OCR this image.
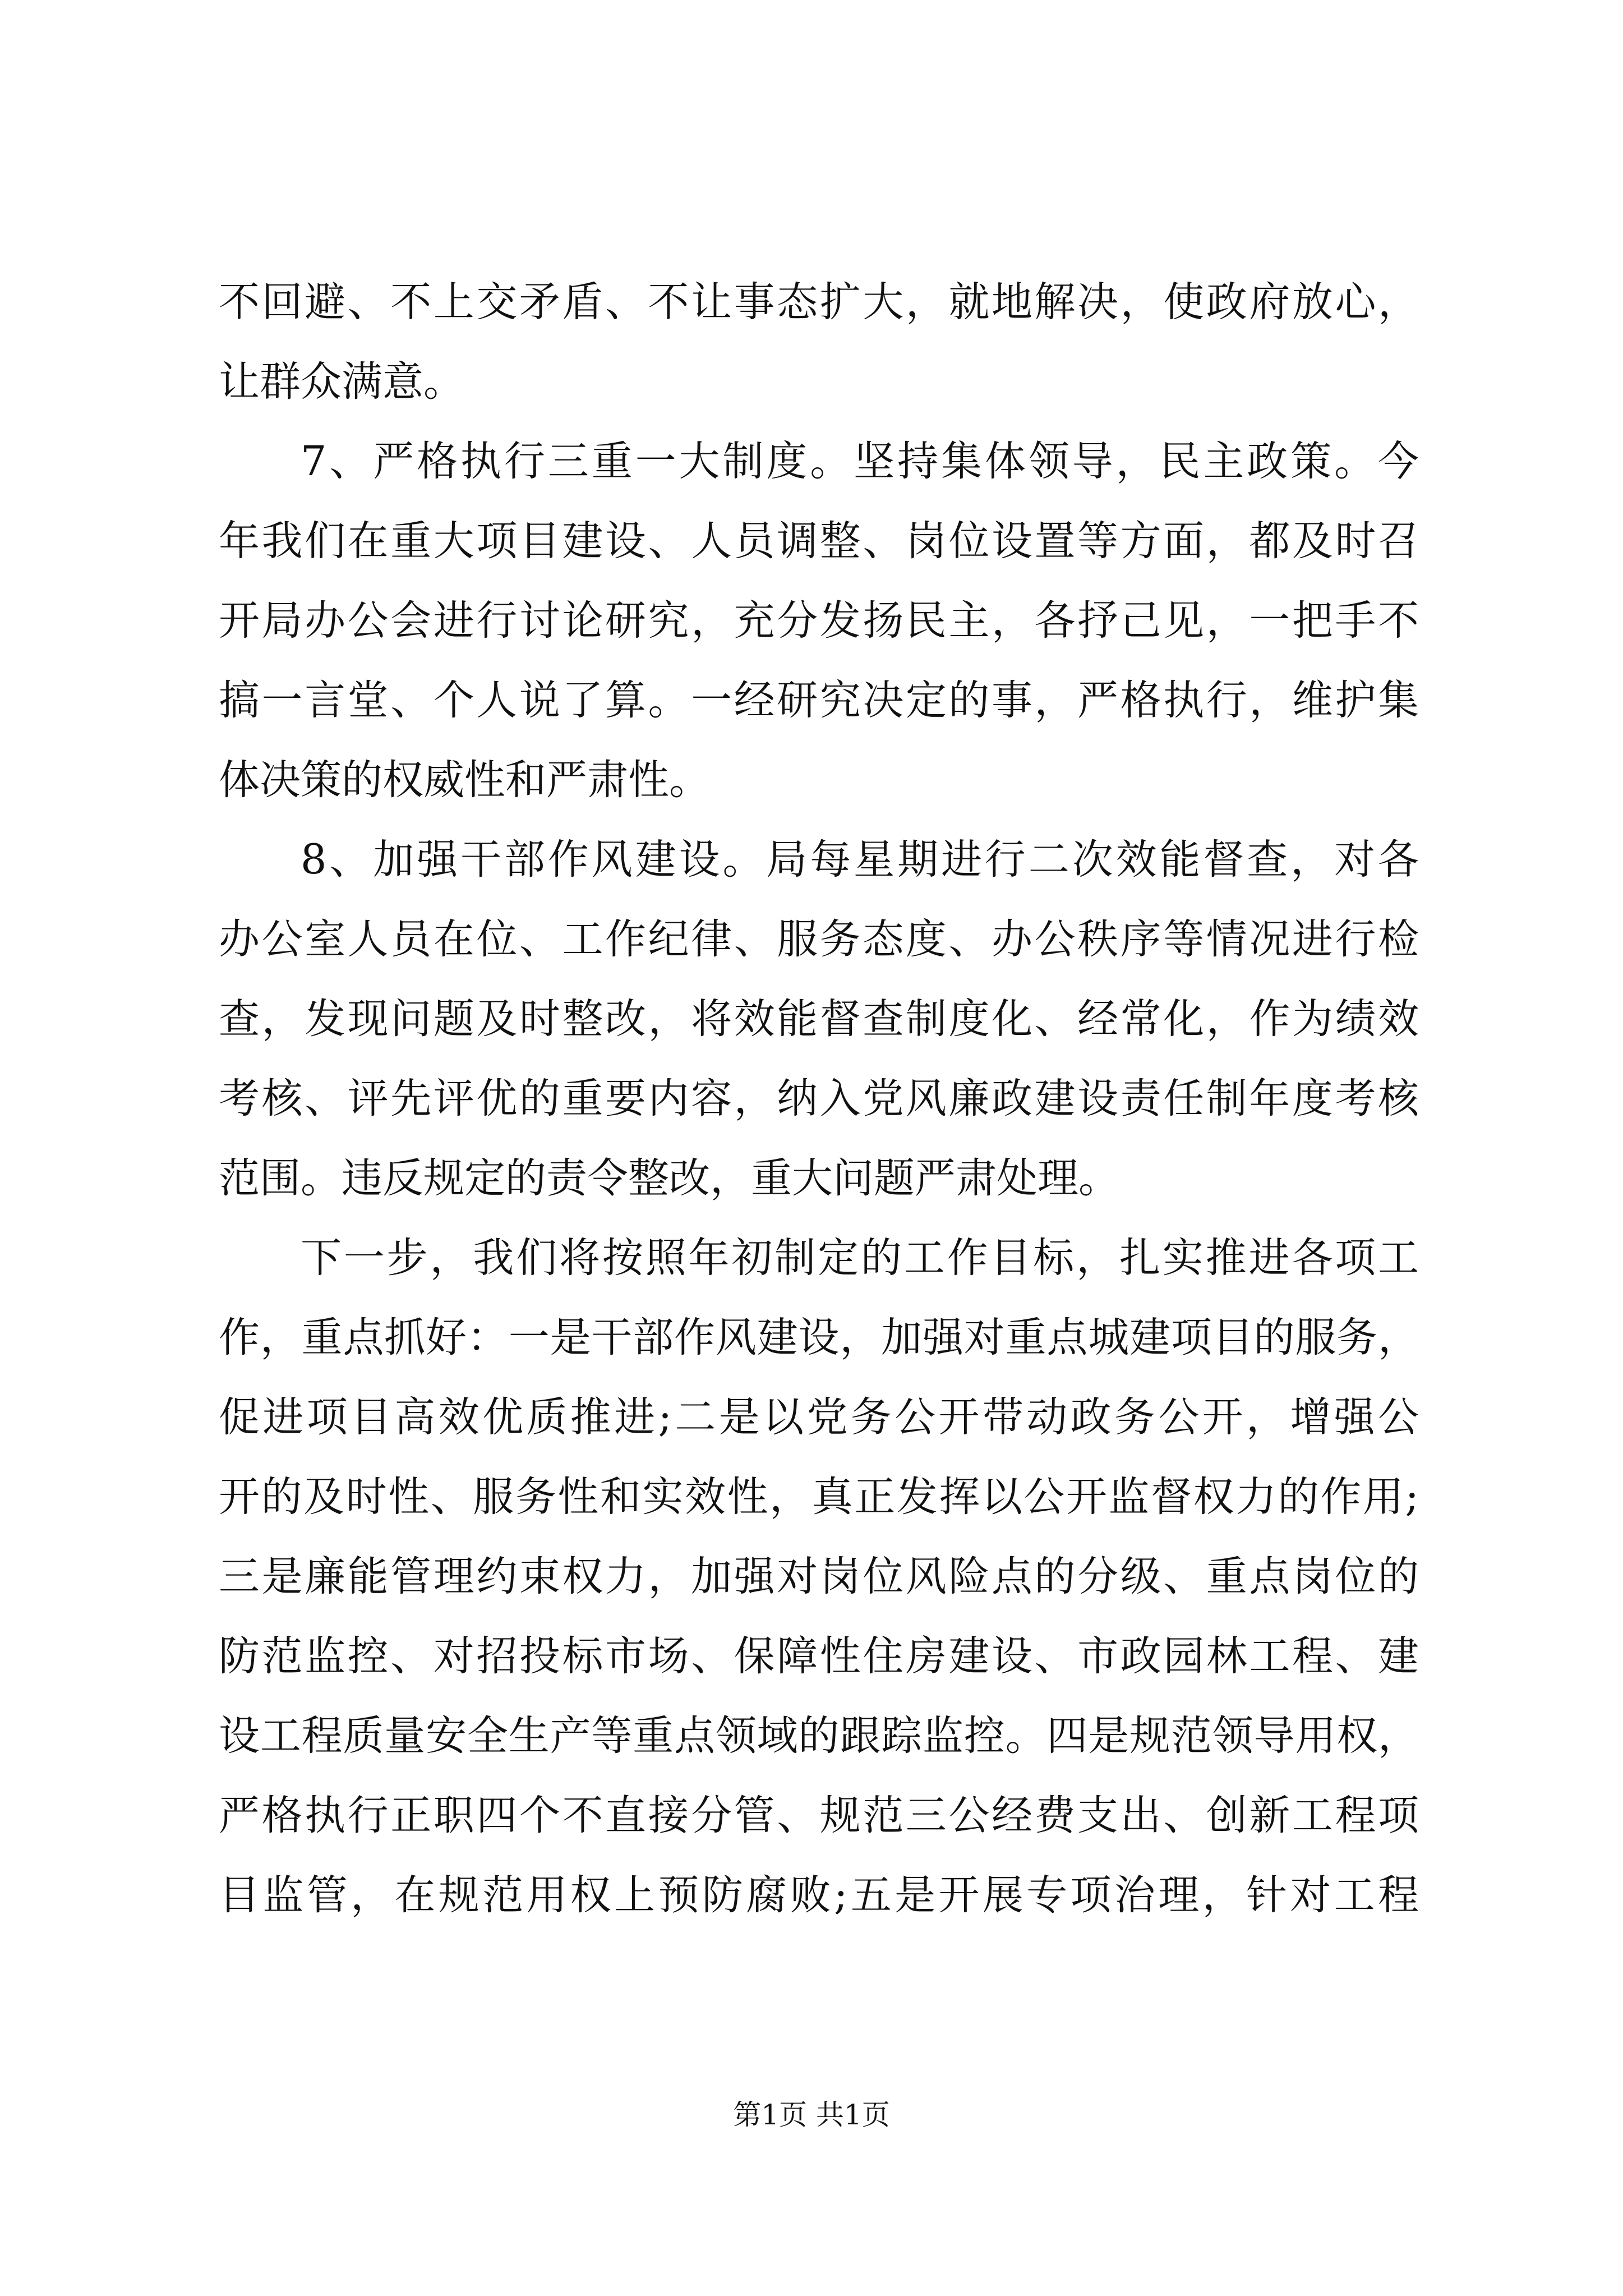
不回避、不上交矛盾、不让事态扩大，就地解决，使政府放心，
让群众满意。
7、严格执行三重一大制度。坚持集体领导，民主政策。今
年我们在重大项目建设、人员调整、岗位设置等方面，都及时召
开局办公会进行讨论研究，充分发扬民主，各抒己见，一把手不
搞一言堂、个人说了算。一经研究决定的事，严格执行，维护集
体决策的权威性和严肃性。
8、加强干部作风建设。局每星期进行二次效能督查，对各
办公室人员在位、工作纪律、服务态度、办公秩序等情况进行检
查，发现问题及时整改，将效能督查制度化、经常化，作为绩效
考核、评先评优的重要内容，纳入党风廉政建设责任制年度考核
范围。违反规定的责令整改，重大问题严肃处理。
下一步，我们将按照年初制定的工作目标，扎实推进各项工
作，重点抓好：一是干部作风建设，加强对重点城建项目的服务，
促进项目高效优质推进;二是以党务公开带动政务公开，增强公
开的及时性、服务性和实效性，真正发挥以公开监督权力的作用;
三是廉能管理约束权力，加强对岗位风险点的分级、重点岗位的
防范监控、对招投标市场、保障性住房建设、市政园林工程、建
设工程质量安全生产等重点领域的跟踪监控。四是规范领导用权，
严格执行正职四个不直接分管、规范三公经费支出、创新工程项
目监管，在规范用权上预防腐败;五是开展专项治理，针对工程
第1页 共1页
